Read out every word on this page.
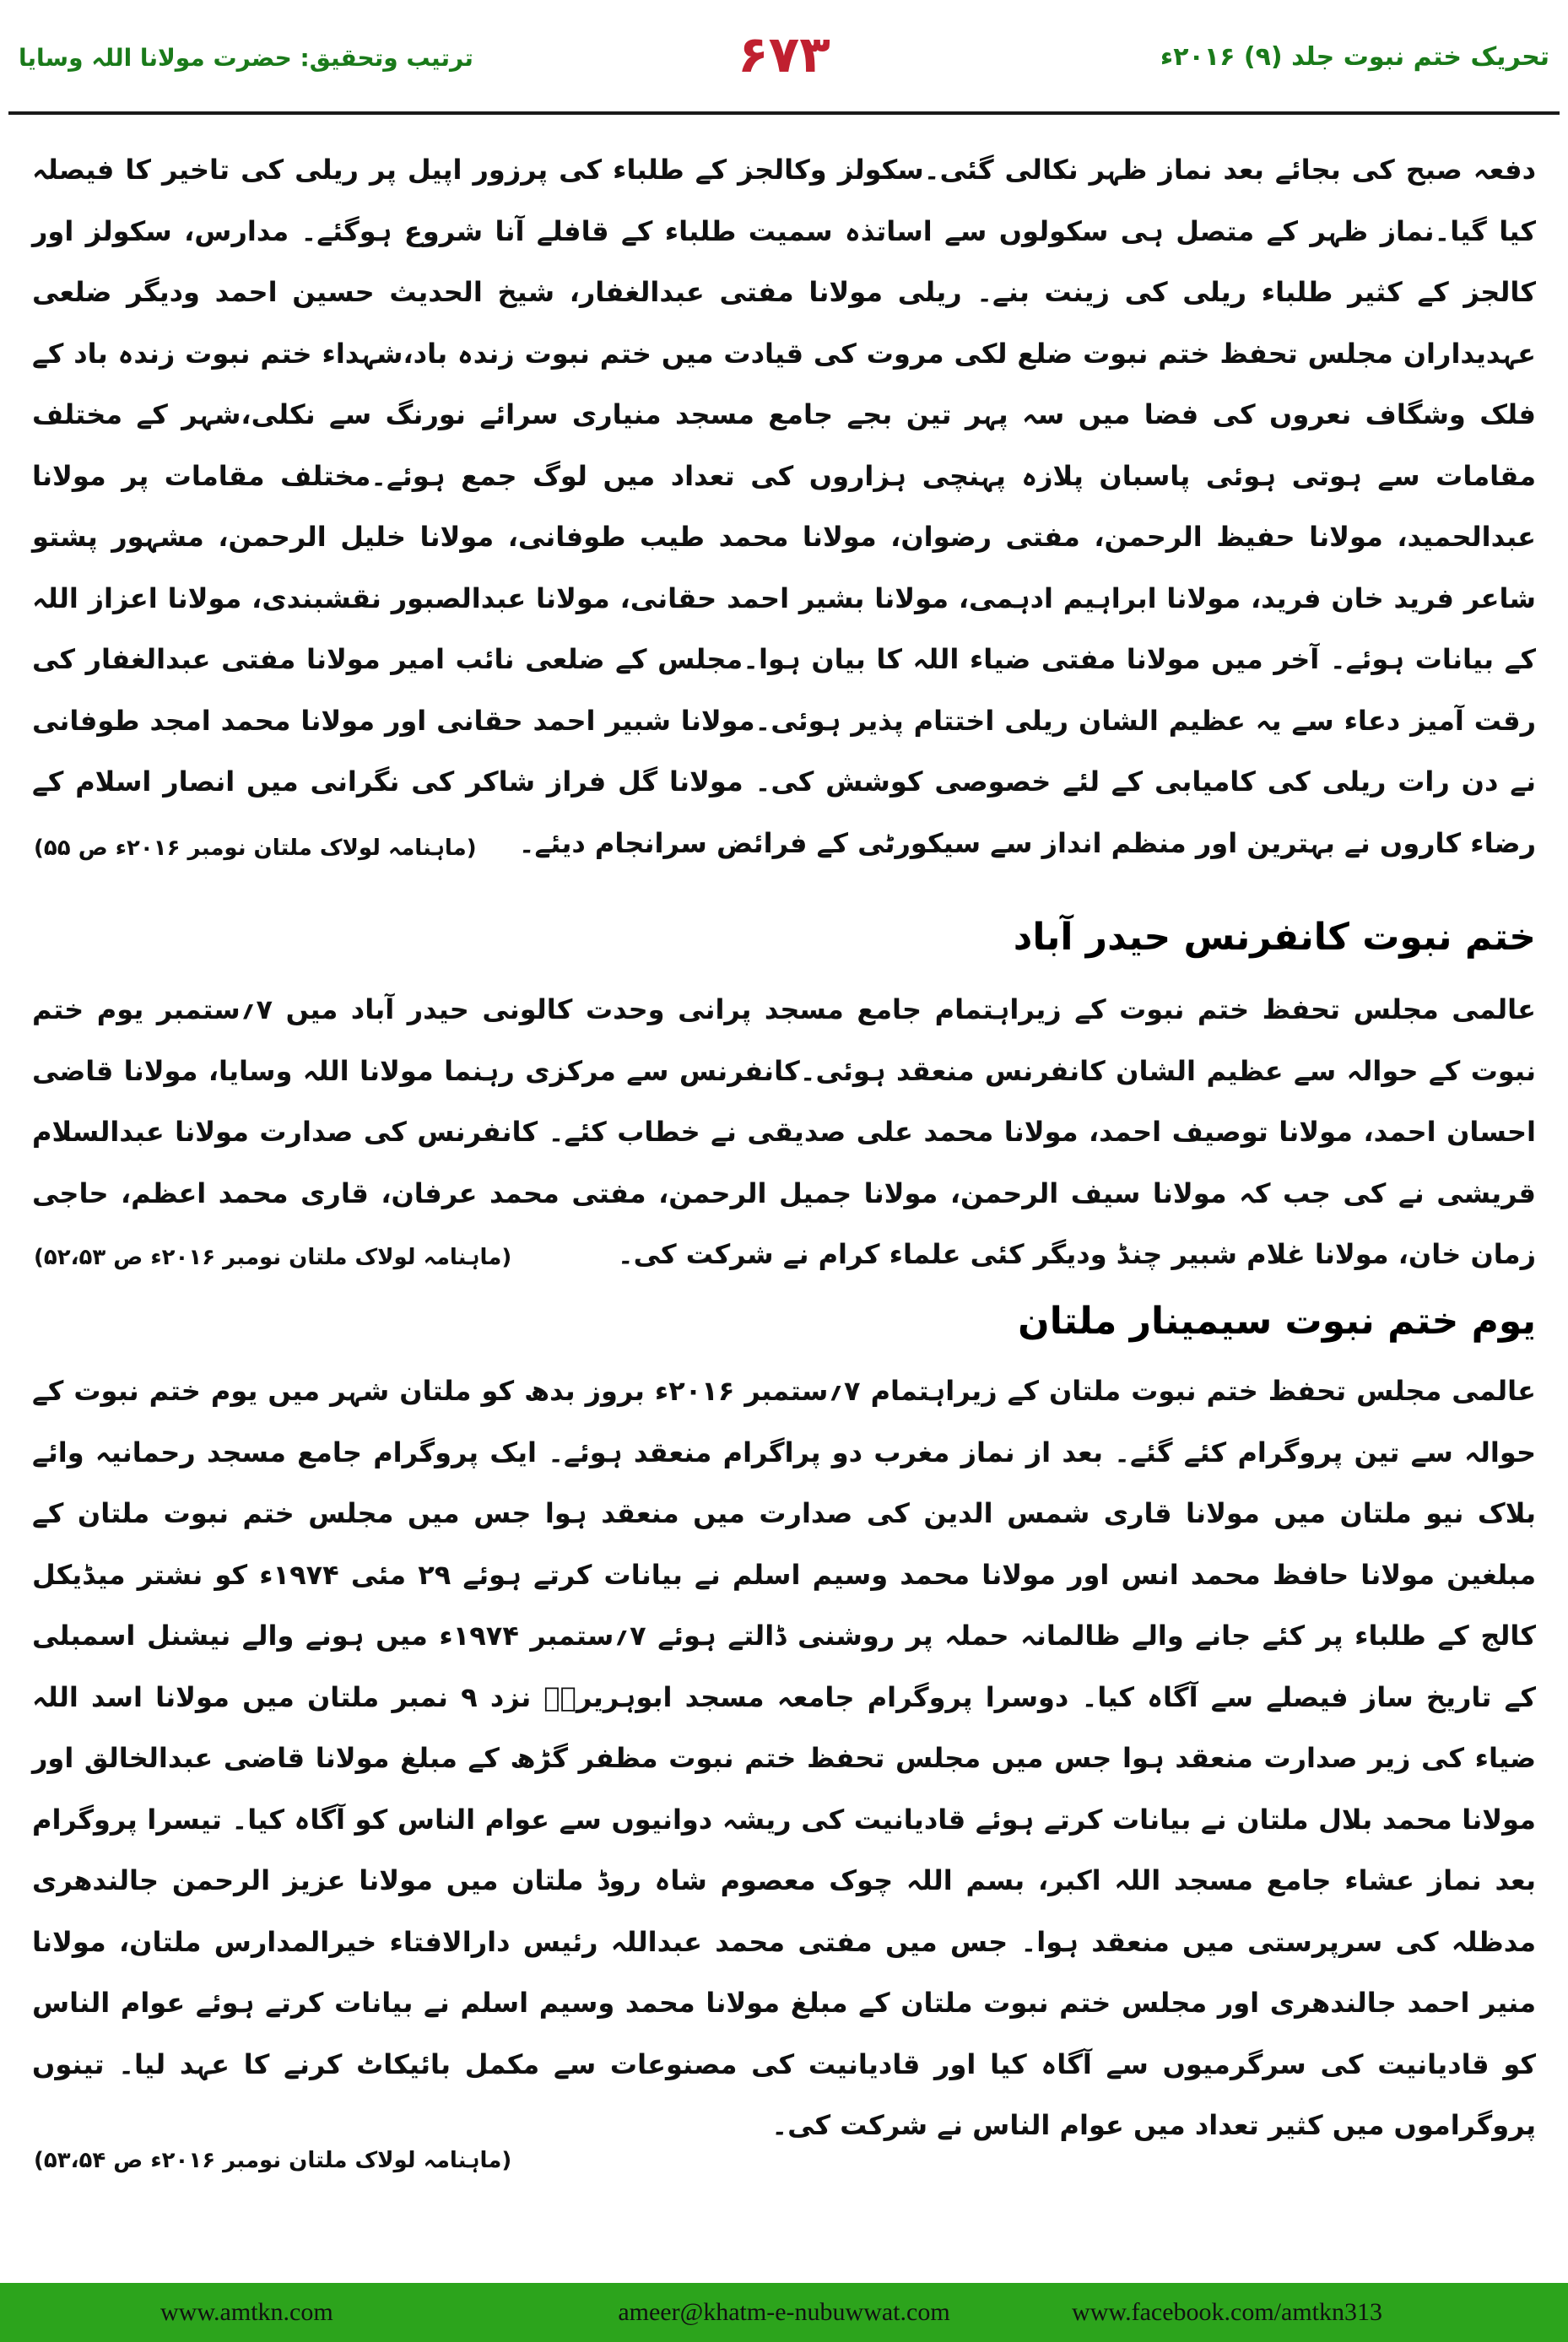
تحریک ختم نبوت جلد (۹) ۲۰۱۶ء
۶۷۳
ترتیب وتحقیق: حضرت مولانا اللہ وسایا
دفعہ صبح کی بجائے بعد نماز ظہر نکالی گئی۔سکولز وکالجز کے طلباء کی پرزور اپیل پر ریلی کی تاخیر کا فیصلہ کیا گیا۔نماز ظہر کے متصل ہی سکولوں سے اساتذہ سمیت طلباء کے قافلے آنا شروع ہوگئے۔ مدارس، سکولز اور کالجز کے کثیر طلباء ریلی کی زینت بنے۔ ریلی مولانا مفتی عبدالغفار، شیخ الحدیث حسین احمد ودیگر ضلعی عہدیداران مجلس تحفظ ختم نبوت ضلع لکی مروت کی قیادت میں ختم نبوت زندہ باد،شہداء ختم نبوت زندہ باد کے فلک وشگاف نعروں کی فضا میں سہ پہر تین بجے جامع مسجد منیاری سرائے نورنگ سے نکلی،شہر کے مختلف مقامات سے ہوتی ہوئی پاسبان پلازہ پہنچی ہزاروں کی تعداد میں لوگ جمع ہوئے۔مختلف مقامات پر مولانا عبدالحمید، مولانا حفیظ الرحمن، مفتی رضوان، مولانا محمد طیب طوفانی، مولانا خلیل الرحمن، مشہور پشتو شاعر فرید خان فرید، مولانا ابراہیم ادہمی، مولانا بشیر احمد حقانی، مولانا عبدالصبور نقشبندی، مولانا اعزاز اللہ کے بیانات ہوئے۔ آخر میں مولانا مفتی ضیاء اللہ کا بیان ہوا۔مجلس کے ضلعی نائب امیر مولانا مفتی عبدالغفار کی رقت آمیز دعاء سے یہ عظیم الشان ریلی اختتام پذیر ہوئی۔مولانا شبیر احمد حقانی اور مولانا محمد امجد طوفانی نے دن رات ریلی کی کامیابی کے لئے خصوصی کوشش کی۔ مولانا گل فراز شاکر کی نگرانی میں انصار اسلام کے رضاء کاروں نے بہترین اور منظم انداز سے سیکورٹی کے فرائض سرانجام دیئے۔
(ماہنامہ لولاک ملتان نومبر ۲۰۱۶ء ص ۵۵)
ختم نبوت کانفرنس حیدر آباد
عالمی مجلس تحفظ ختم نبوت کے زیراہتمام جامع مسجد پرانی وحدت کالونی حیدر آباد میں ۷؍ستمبر یوم ختم نبوت کے حوالہ سے عظیم الشان کانفرنس منعقد ہوئی۔کانفرنس سے مرکزی رہنما مولانا اللہ وسایا، مولانا قاضی احسان احمد، مولانا توصیف احمد، مولانا محمد علی صدیقی نے خطاب کئے۔ کانفرنس کی صدارت مولانا عبدالسلام قریشی نے کی جب کہ مولانا سیف الرحمن، مولانا جمیل الرحمن، مفتی محمد عرفان، قاری محمد اعظم، حاجی زمان خان، مولانا غلام شبیر چنڈ ودیگر کئی علماء کرام نے شرکت کی۔
(ماہنامہ لولاک ملتان نومبر ۲۰۱۶ء ص ۵۲،۵۳)
یوم ختم نبوت سیمینار ملتان
عالمی مجلس تحفظ ختم نبوت ملتان کے زیراہتمام ۷؍ستمبر ۲۰۱۶ء بروز بدھ کو ملتان شہر میں یوم ختم نبوت کے حوالہ سے تین پروگرام کئے گئے۔ بعد از نماز مغرب دو پراگرام منعقد ہوئے۔ ایک پروگرام جامع مسجد رحمانیہ وائے بلاک نیو ملتان میں مولانا قاری شمس الدین کی صدارت میں منعقد ہوا جس میں مجلس ختم نبوت ملتان کے مبلغین مولانا حافظ محمد انس اور مولانا محمد وسیم اسلم نے بیانات کرتے ہوئے ۲۹ مئی ۱۹۷۴ء کو نشتر میڈیکل کالج کے طلباء پر کئے جانے والے ظالمانہ حملہ پر روشنی ڈالتے ہوئے ۷؍ستمبر ۱۹۷۴ء میں ہونے والے نیشنل اسمبلی کے تاریخ ساز فیصلے سے آگاہ کیا۔ دوسرا پروگرام جامعہ مسجد ابوہریرہؓ نزد ۹ نمبر ملتان میں مولانا اسد اللہ ضیاء کی زیر صدارت منعقد ہوا جس میں مجلس تحفظ ختم نبوت مظفر گڑھ کے مبلغ مولانا قاضی عبدالخالق اور مولانا محمد بلال ملتان نے بیانات کرتے ہوئے قادیانیت کی ریشہ دوانیوں سے عوام الناس کو آگاہ کیا۔ تیسرا پروگرام بعد نماز عشاء جامع مسجد اللہ اکبر، بسم اللہ چوک معصوم شاہ روڈ ملتان میں مولانا عزیز الرحمن جالندھری مدظلہ کی سرپرستی میں منعقد ہوا۔ جس میں مفتی محمد عبداللہ رئیس دارالافتاء خیرالمدارس ملتان، مولانا منیر احمد جالندھری اور مجلس ختم نبوت ملتان کے مبلغ مولانا محمد وسیم اسلم نے بیانات کرتے ہوئے عوام الناس کو قادیانیت کی سرگرمیوں سے آگاہ کیا اور قادیانیت کی مصنوعات سے مکمل بائیکاٹ کرنے کا عہد لیا۔ تینوں پروگراموں میں کثیر تعداد میں عوام الناس نے شرکت کی۔
(ماہنامہ لولاک ملتان نومبر ۲۰۱۶ء ص ۵۳،۵۴)
www.amtkn.com	ameer@khatm-e-nubuwwat.com	www.facebook.com/amtkn313
